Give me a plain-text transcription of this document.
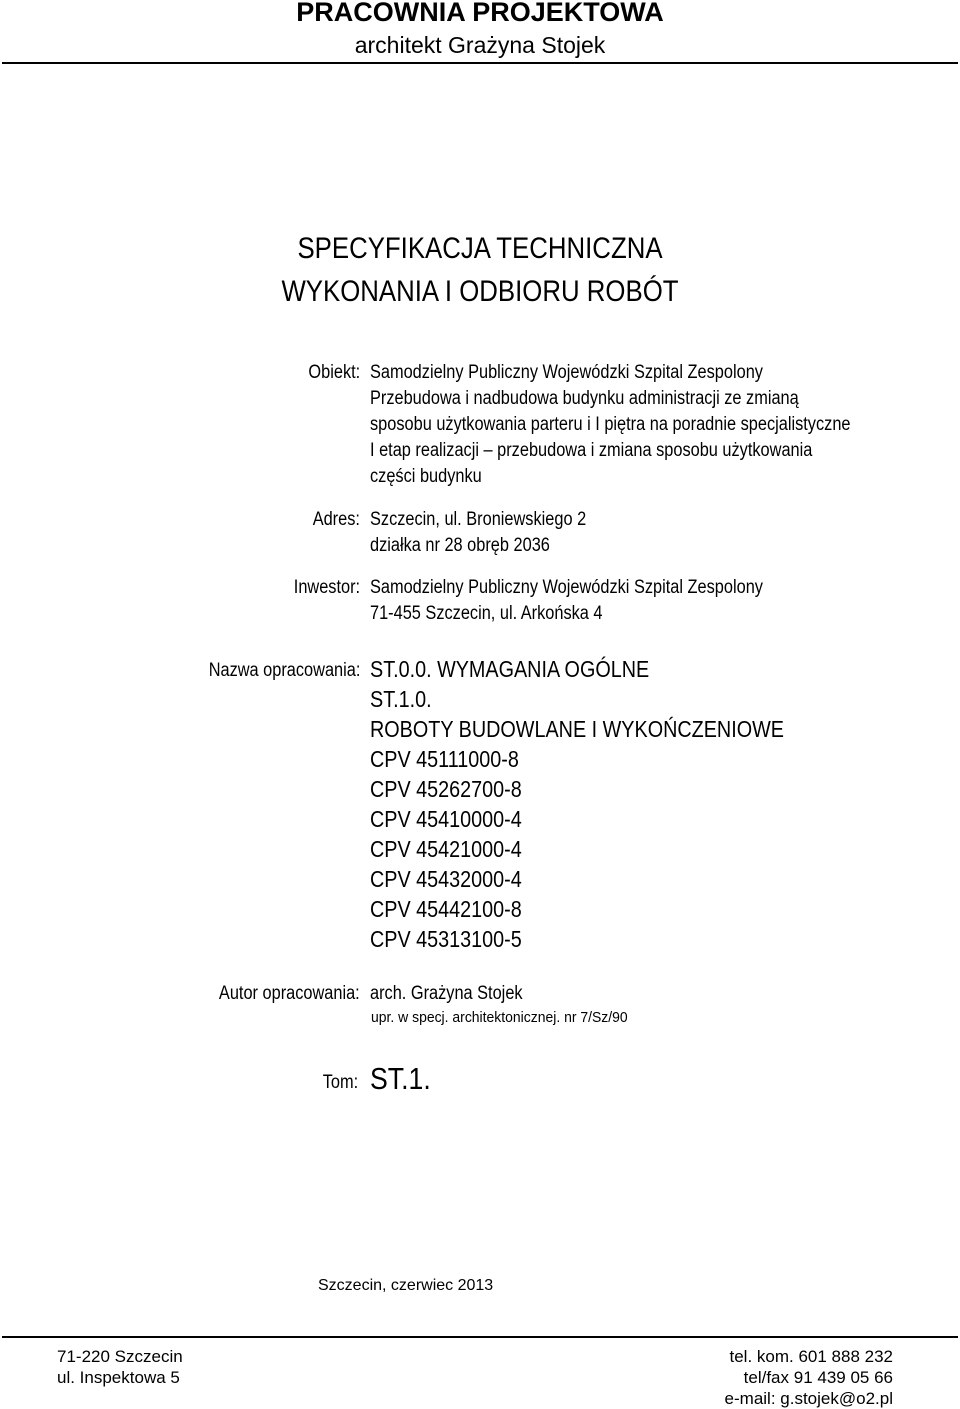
PRACOWNIA PROJEKTOWA
architekt Grażyna Stojek
SPECYFIKACJA TECHNICZNA
WYKONANIA I ODBIORU ROBÓT
Obiekt: Samodzielny Publiczny Wojewódzki Szpital Zespolony
Przebudowa i nadbudowa budynku administracji ze zmianą
sposobu użytkowania parteru i I piętra na poradnie specjalistyczne
I etap realizacji – przebudowa i zmiana sposobu użytkowania
części budynku
Adres: Szczecin, ul. Broniewskiego 2
działka nr 28 obręb 2036
Inwestor: Samodzielny Publiczny Wojewódzki Szpital Zespolony
71-455 Szczecin, ul. Arkońska 4
Nazwa opracowania: ST.0.0. WYMAGANIA OGÓLNE
ST.1.0.
ROBOTY BUDOWLANE I WYKOŃCZENIOWE
CPV 45111000-8
CPV 45262700-8
CPV 45410000-4
CPV 45421000-4
CPV 45432000-4
CPV 45442100-8
CPV 45313100-5
Autor opracowania: arch. Grażyna Stojek
upr. w specj. architektonicznej. nr 7/Sz/90
Tom: ST.1.
Szczecin, czerwiec 2013
71-220 Szczecin
ul. Inspektowa 5
tel. kom. 601 888 232
tel/fax 91 439 05 66
e-mail: g.stojek@o2.pl
